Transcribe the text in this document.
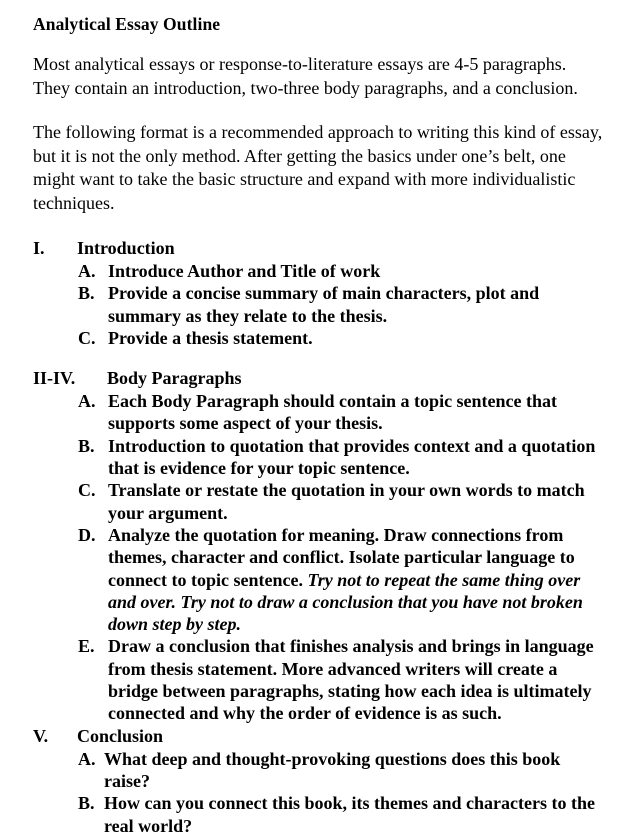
Analytical Essay Outline

Most analytical essays or response-to-literature essays are 4-5 paragraphs. They contain an introduction, two-three body paragraphs, and a conclusion.

The following format is a recommended approach to writing this kind of essay, but it is not the only method. After getting the basics under one’s belt, one might want to take the basic structure and expand with more individualistic techniques.

I.	Introduction
A. Introduce Author and Title of work
B. Provide a concise summary of main characters, plot and summary as they relate to the thesis.
C. Provide a thesis statement.
II-IV.	Body Paragraphs
A. Each Body Paragraph should contain a topic sentence that supports some aspect of your thesis.
B. Introduction to quotation that provides context and a quotation that is evidence for your topic sentence.
C. Translate or restate the quotation in your own words to match your argument.
D. Analyze the quotation for meaning. Draw connections from themes, character and conflict. Isolate particular language to connect to topic sentence. Try not to repeat the same thing over and over. Try not to draw a conclusion that you have not broken down step by step.
E. Draw a conclusion that finishes analysis and brings in language from thesis statement. More advanced writers will create a bridge between paragraphs, stating how each idea is ultimately connected and why the order of evidence is as such.
V.	Conclusion
A. What deep and thought-provoking questions does this book raise?
B. How can you connect this book, its themes and characters to the real world?
